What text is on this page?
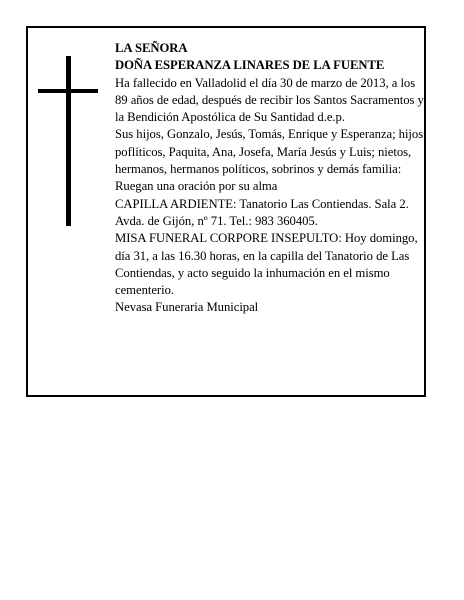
LA SEÑORA

DOÑA ESPERANZA LINARES DE LA FUENTE

Ha fallecido en Valladolid el día 30 de marzo de 2013, a los 89 años de edad, después de recibir los Santos Sacramentos y la Bendición Apostólica de Su Santidad d.e.p.

Sus hijos, Gonzalo, Jesús, Tomás, Enrique y Esperanza; hijos poflíticos, Paquita, Ana, Josefa, María Jesús y Luis; nietos, hermanos, hermanos políticos, sobrinos y demás familia:

Ruegan una oración por su alma

CAPILLA ARDIENTE: Tanatorio Las Contiendas. Sala 2. Avda. de Gijón, nº 71. Tel.: 983 360405.

MISA FUNERAL CORPORE INSEPULTO: Hoy domingo, día 31, a las 16.30 horas, en la capilla del Tanatorio de Las Contiendas, y acto seguido la inhumación en el mismo cementerio.

Nevasa Funeraria Municipal
